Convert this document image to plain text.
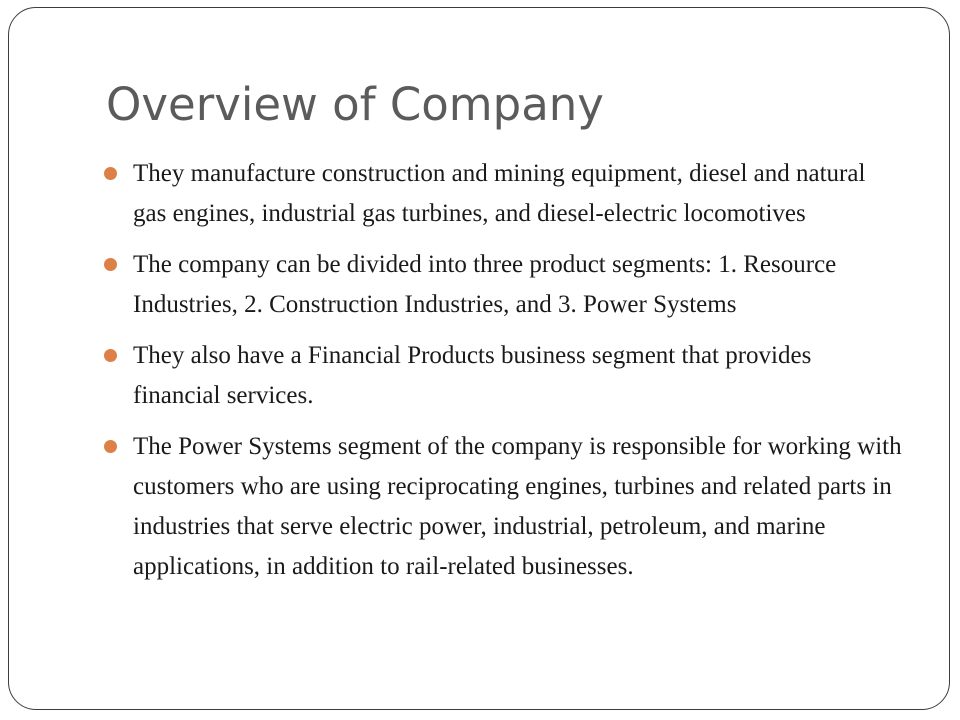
Overview of Company
They manufacture construction and mining equipment, diesel and natural gas engines, industrial gas turbines, and diesel-electric locomotives
The company can be divided into three product segments: 1. Resource Industries, 2. Construction Industries, and 3. Power Systems
They also have a Financial Products business segment that provides financial services.
The Power Systems segment of the company is responsible for working with customers who are using reciprocating engines, turbines and related parts in industries that serve electric power, industrial, petroleum, and marine applications, in addition to rail-related businesses.
